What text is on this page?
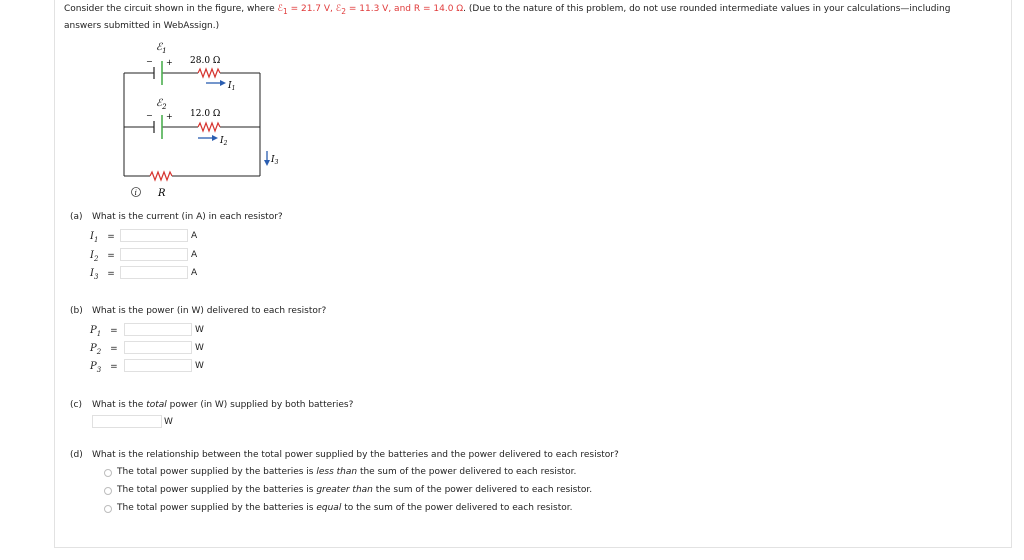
Consider the circuit shown in the figure, where ℰ$_1$ = 21.7 V, ℰ$_2$ = 11.3 V, and R = 14.0 Ω. (Due to the nature of this problem, do not use rounded intermediate values in your calculations—including
answers submitted in WebAssign.)
ℰ$_1$
− + 28.0 Ω
$I_1$
ℰ$_2$
− + 12.0 Ω
$I_2$
$I_3$
R
i
(a) What is the current (in A) in each resistor?
$I_1$ =	A
$I_2$ =	A
$I_3$ =	A
(b) What is the power (in W) delivered to each resistor?
$P_1$ =	W
$P_2$ =	W
$P_3$ =	W
(c) What is the total power (in W) supplied by both batteries?
W
(d) What is the relationship between the total power supplied by the batteries and the power delivered to each resistor?
The total power supplied by the batteries is less than the sum of the power delivered to each resistor.
The total power supplied by the batteries is greater than the sum of the power delivered to each resistor.
The total power supplied by the batteries is equal to the sum of the power delivered to each resistor.
